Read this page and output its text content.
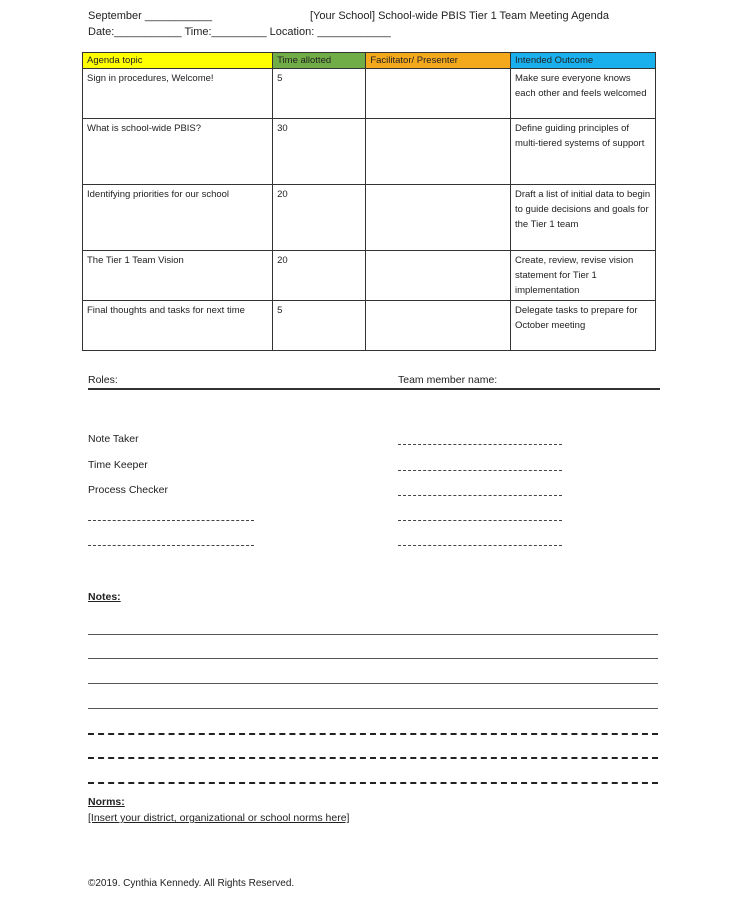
September ___________	[Your School] School-wide PBIS Tier 1 Team Meeting Agenda
Date:___________ Time:_________ Location: ____________
Agenda topic	Time allotted	Facilitator/ Presenter	Intended Outcome
Sign in procedures, Welcome!	5		Make sure everyone knows each other and feels welcomed
What is school-wide PBIS?	30		Define guiding principles of multi-tiered systems of support
Identifying priorities for our school	20		Draft a list of initial data to begin to guide decisions and goals for the Tier 1 team
The Tier 1 Team Vision	20		Create, review, revise vision statement for Tier 1 implementation
Final thoughts and tasks for next time	5		Delegate tasks to prepare for October meeting
Roles:	Team member name:
Note Taker
Time Keeper
Process Checker
Notes:
Norms:
[Insert your district, organizational or school norms here]
©2019. Cynthia Kennedy. All Rights Reserved.
